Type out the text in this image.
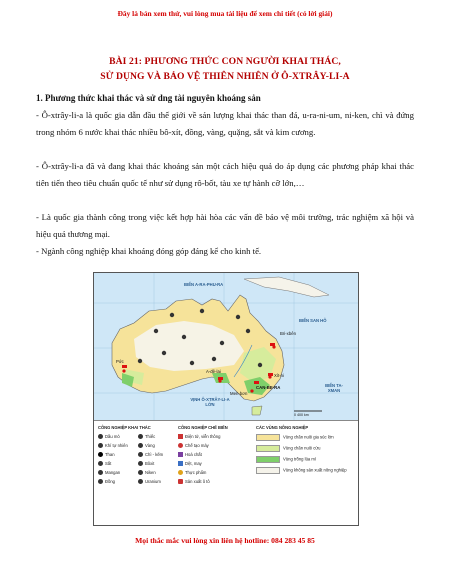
Đây là bản xem thử, vui lòng mua tài liệu để xem chi tiết (có lời giải)
BÀI 21: PHƯƠNG THỨC CON NGƯỜI KHAI THÁC,
SỬ DỤNG VÀ BẢO VỆ THIÊN NHIÊN Ở Ô-XTRÂY-LI-A
1. Phương thức khai thác và sử dng tài nguyên khoáng sản
- Ô-xtrây-li-a là quốc gia dẫn đầu thế giới về sản lượng khai thác than đá, u-ra-ni-um, ni-ken, chì và đứng trong nhóm 6 nước khai thác nhiều bô-xít, đồng, vàng, quặng, sắt và kim cương.
- Ô-xtrây-li-a đã và đang khai thác khoáng sản một cách hiệu quả do áp dụng các phương pháp khai thác tiên tiến theo tiêu chuẩn quốc tế như sử dụng rô-bốt, tàu xe tự hành cỡ lớn,…
- Là quốc gia thành công trong việc kết hợp hài hòa các vấn đề bảo vệ môi trường, trác nghiệm xã hội và hiệu quả thương mại.
- Ngành công nghiệp khai khoáng đóng góp đáng kể cho kinh tế.
BIỂN A-RA-PHU-RA
BIỂN SAN HÔ
VỊNH Ô-XTRÂY-LI-A LỚN
BIỂN TA-XMAN
Bri-xbên
Pớc
A-đê-lai
CAN-BE-RA
Xít-ni
Men-bơn
0 400 km
CÔNG NGHIỆP KHAI THÁC
Dầu mỏ
Khí tự nhiên
Than
Sắt
Mangan
Đồng
Thiếc
Vàng
Chì - kẽm
Bôxit
Niken
Uranium
CÔNG NGHIỆP CHẾ BIẾN
Điện tử, viễn thông
Chế tạo máy
Hoá chất
Dệt, may
Thực phẩm
Sản xuất ô tô
CÁC VÙNG NÔNG NGHIỆP
Vùng chăn nuôi gia súc lớn
Vùng chăn nuôi cừu
Vùng trồng lúa mì
Vùng không sản xuất nông nghiệp
Mọi thắc mắc vui lòng xin liên hệ hotline: 084 283 45 85
